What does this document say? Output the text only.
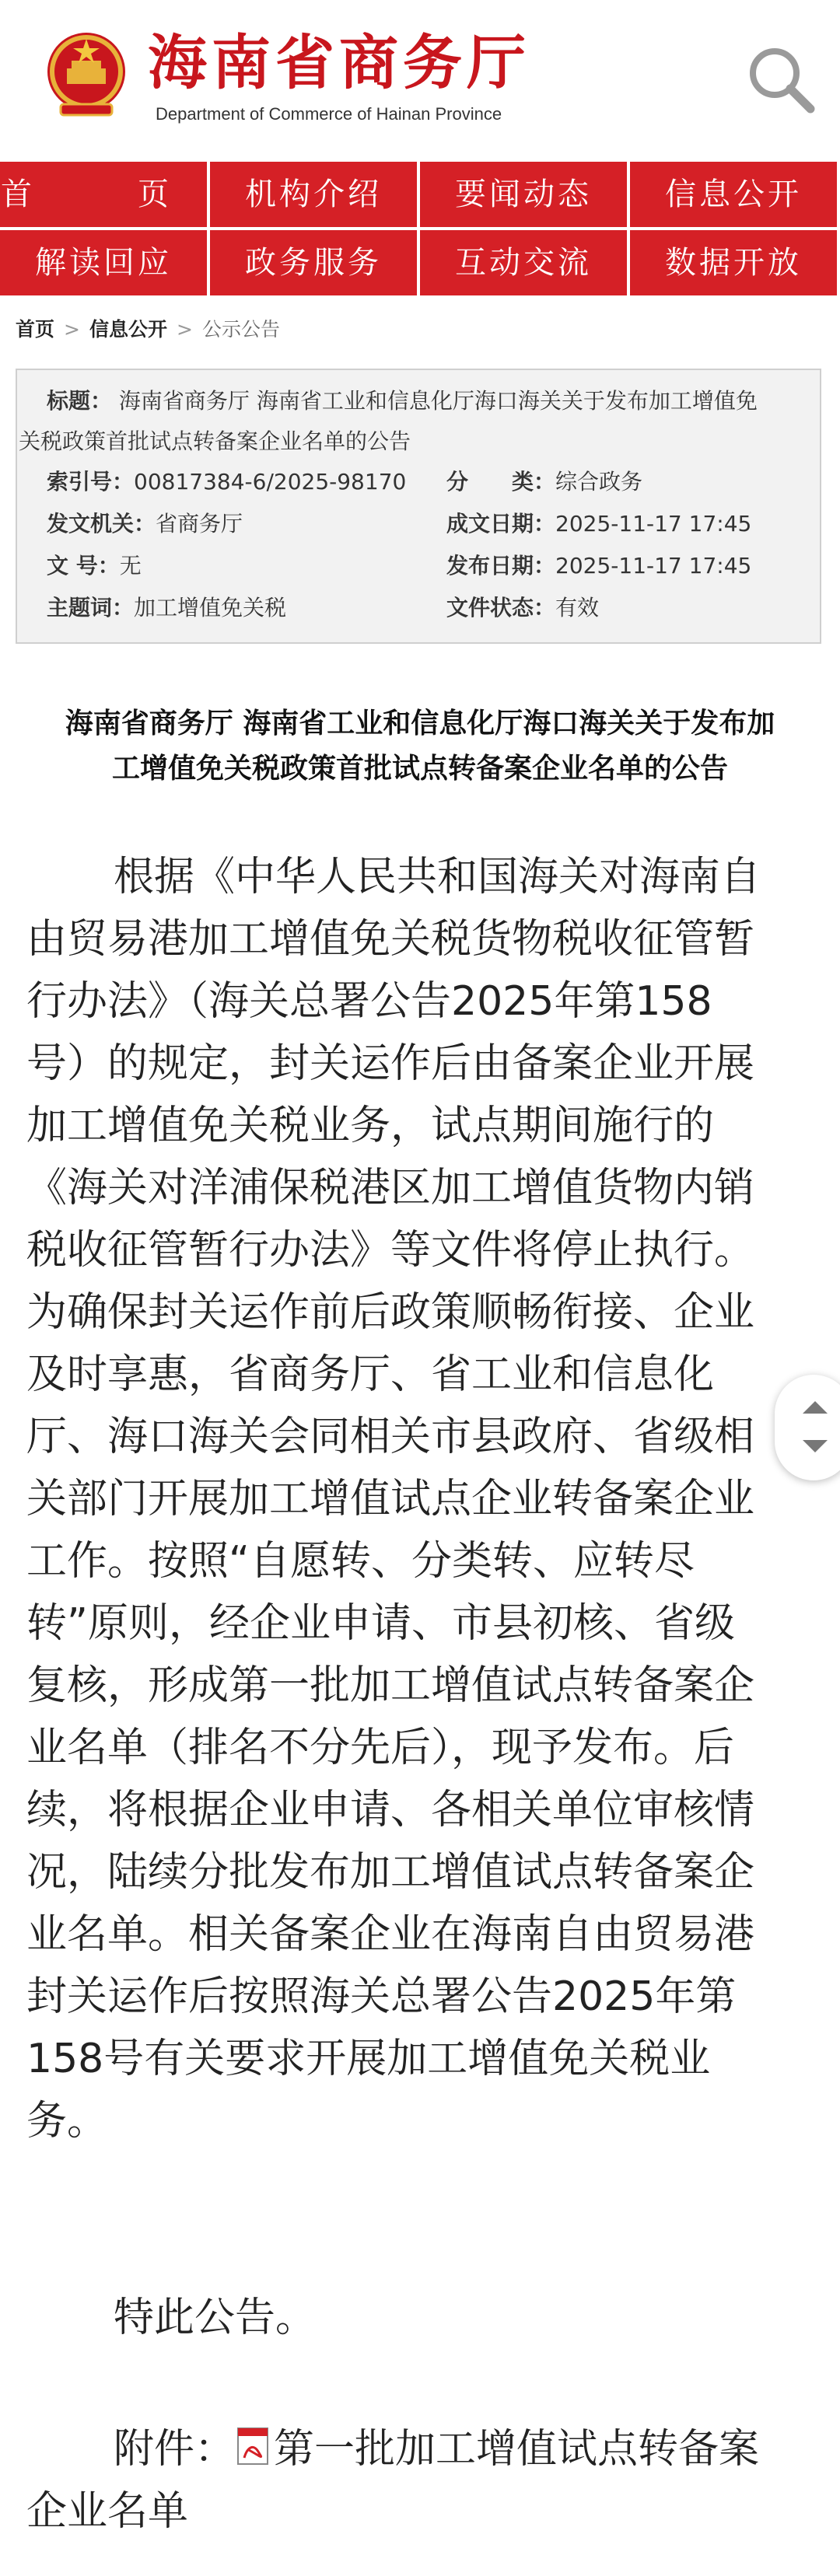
海南省商务厅
Department of Commerce of Hainan Province
首　页	机构介绍	要闻动态	信息公开
解读回应	政务服务	互动交流	数据开放
首页 > 信息公开 > 公示公告
标题： 海南省商务厅 海南省工业和信息化厅海口海关关于发布加工增值免
关税政策首批试点转备案企业名单的公告
索引号：00817384-6/2025-98170 分　　类：综合政务
发文机关：省商务厅	成文日期：2025-11-17 17:45
文 号：无	发布日期：2025-11-17 17:45
主题词：加工增值免关税	文件状态：有效
海南省商务厅 海南省工业和信息化厅海口海关关于发布加
工增值免关税政策首批试点转备案企业名单的公告
根据《中华人民共和国海关对海南自
由贸易港加工增值免关税货物税收征管暂
行办法》（海关总署公告2025年第158
号）的规定，封关运作后由备案企业开展
加工增值免关税业务，试点期间施行的
《海关对洋浦保税港区加工增值货物内销
税收征管暂行办法》等文件将停止执行。
为确保封关运作前后政策顺畅衔接、企业
及时享惠，省商务厅、省工业和信息化
厅、海口海关会同相关市县政府、省级相
关部门开展加工增值试点企业转备案企业
工作。按照“自愿转、分类转、应转尽
转”原则，经企业申请、市县初核、省级
复核，形成第一批加工增值试点转备案企
业名单（排名不分先后），现予发布。后
续，将根据企业申请、各相关单位审核情
况，陆续分批发布加工增值试点转备案企
业名单。相关备案企业在海南自由贸易港
封关运作后按照海关总署公告2025年第
158号有关要求开展加工增值免关税业
务。
特此公告。
附件： 第一批加工增值试点转备案
企业名单
